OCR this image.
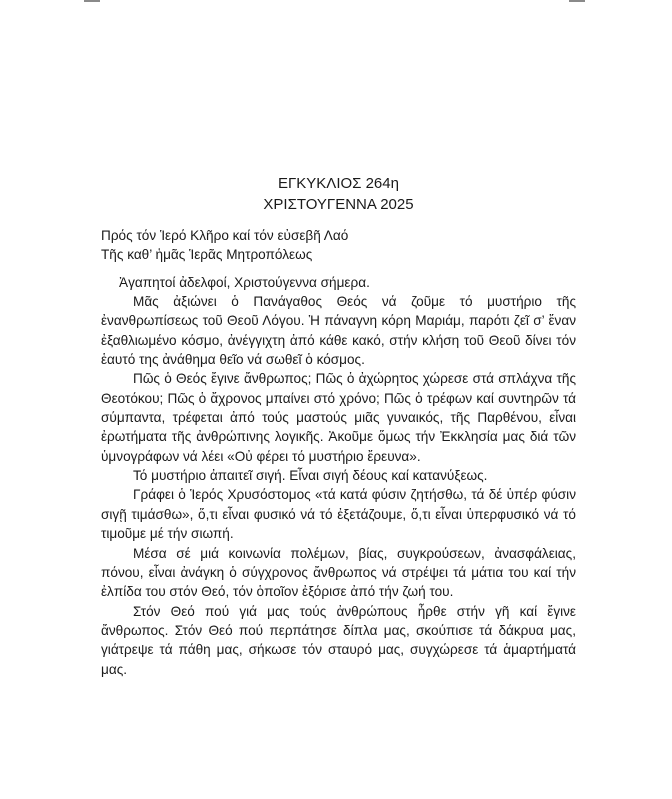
ΕΓΚΥΚΛΙΟΣ 264η
ΧΡΙΣΤΟΥΓΕΝΝΑ 2025

Πρός τόν Ἱερό Κλῆρο καί τόν εὐσεβῆ Λαό

Τῆς καθ’ ἡμᾶς Ἱερᾶς Μητροπόλεως

Ἀγαπητοί ἀδελφοί, Χριστούγεννα σήμερα.

Μᾶς ἀξιώνει ὁ Πανάγαθος Θεός νά ζοῦμε τό μυστήριο τῆς ἐνανθρωπίσεως τοῦ Θεοῦ Λόγου. Ἡ πάναγνη κόρη Μαριάμ, παρότι ζεῖ σ’ ἕναν ἐξαθλιωμένο κόσμο, ἀνέγγιχτη ἀπό κάθε κακό, στήν κλήση τοῦ Θεοῦ δίνει τόν ἑαυτό της ἀνάθημα θεῖο νά σωθεῖ ὁ κόσμος.

Πῶς ὁ Θεός ἔγινε ἄνθρωπος; Πῶς ὁ ἀχώρητος χώρεσε στά σπλάχνα τῆς Θεοτόκου; Πῶς ὁ ἄχρονος μπαίνει στό χρόνο; Πῶς ὁ τρέφων καί συντηρῶν τά σύμπαντα, τρέφεται ἀπό τούς μαστούς μιᾶς γυναικός, τῆς Παρθένου, εἶναι ἐρωτήματα τῆς ἀνθρώπινης λογικῆς. Ἀκοῦμε ὅμως τήν Ἐκκλησία μας διά τῶν ὑμνογράφων νά λέει «Οὐ φέρει τό μυστήριο ἔρευνα».

Τό μυστήριο ἀπαιτεῖ σιγή. Εἶναι σιγή δέους καί κατανύξεως.

Γράφει ὁ Ἱερός Χρυσόστομος «τά κατά φύσιν ζητήσθω, τά δέ ὑπέρ φύσιν σιγῇ τιμάσθω», ὅ,τι εἶναι φυσικό νά τό ἐξετάζουμε, ὅ,τι εἶναι ὑπερφυσικό νά τό τιμοῦμε μέ τήν σιωπή.

Μέσα σέ μιά κοινωνία πολέμων, βίας, συγκρούσεων, ἀνασφάλειας, πόνου, εἶναι ἀνάγκη ὁ σύγχρονος ἄνθρωπος νά στρέψει τά μάτια του καί τήν ἐλπίδα του στόν Θεό, τόν ὁποῖον ἐξόρισε ἀπό τήν ζωή του.

Στόν Θεό πού γιά μας τούς ἀνθρώπους ἦρθε στήν γῆ καί ἔγινε ἄνθρωπος. Στόν Θεό πού περπάτησε δίπλα μας, σκούπισε τά δάκρυα μας, γιάτρεψε τά πάθη μας, σήκωσε τόν σταυρό μας, συγχώρεσε τά ἁμαρτήματά μας.
